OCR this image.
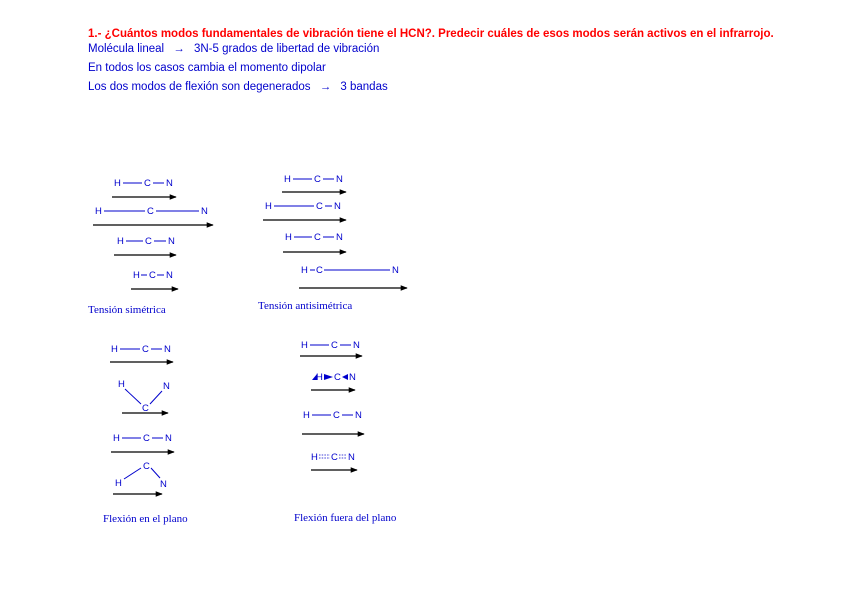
1.- ¿Cuántos modos fundamentales de vibración tiene el HCN?. Predecir cuáles de esos modos serán activos en el infrarrojo.
Molécula lineal → 3N-5 grados de libertad de vibración
En todos los casos cambia el momento dipolar
Los dos modos de flexión son degenerados → 3 bandas
H C N
H	C	N
H C N
H C N
Tensión simétrica
H C N
H	C N
H C N
H C	N
Tensión antisimétrica
H	C N
H
C
N
H C N
C
H	N
Flexión en el plano
H C N
H C N
H C N
H C N
Flexión fuera del plano
